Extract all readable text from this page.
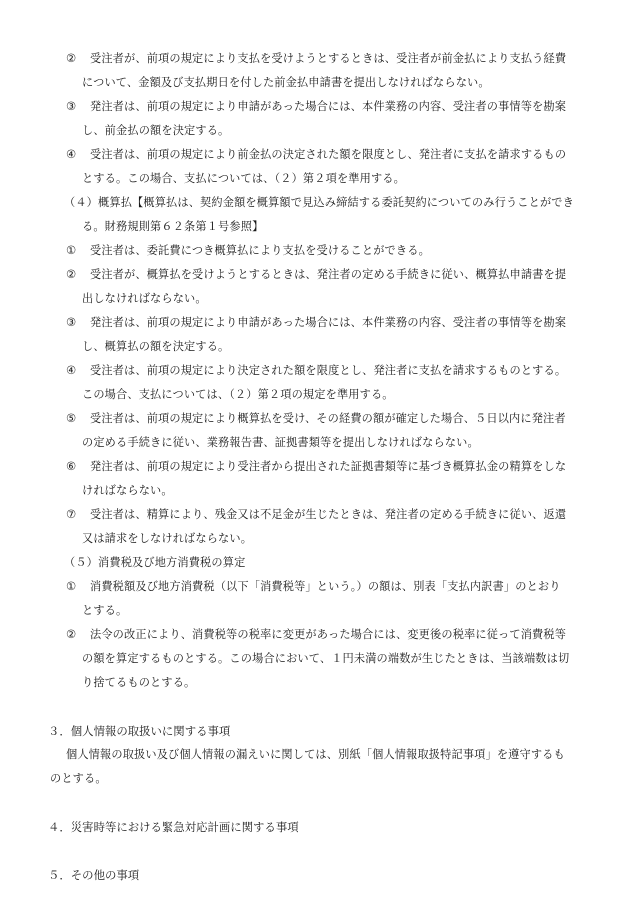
② 受注者が、前項の規定により支払を受けようとするときは、受注者が前金払により支払う経費
について、金額及び支払期日を付した前金払申請書を提出しなければならない。
③ 発注者は、前項の規定により申請があった場合には、本件業務の内容、受注者の事情等を勘案
し、前金払の額を決定する。
④ 受注者は、前項の規定により前金払の決定された額を限度とし、発注者に支払を請求するもの
とする。この場合、支払については、（２）第２項を準用する。
（４）概算払【概算払は、契約金額を概算額で見込み締結する委託契約についてのみ行うことができ
る。財務規則第６２条第１号参照】
① 受注者は、委託費につき概算払により支払を受けることができる。
② 受注者が、概算払を受けようとするときは、発注者の定める手続きに従い、概算払申請書を提
出しなければならない。
③ 発注者は、前項の規定により申請があった場合には、本件業務の内容、受注者の事情等を勘案
し、概算払の額を決定する。
④ 受注者は、前項の規定により決定された額を限度とし、発注者に支払を請求するものとする。
この場合、支払については、（２）第２項の規定を準用する。
⑤ 受注者は、前項の規定により概算払を受け、その経費の額が確定した場合、５日以内に発注者
の定める手続きに従い、業務報告書、証拠書類等を提出しなければならない。
⑥ 発注者は、前項の規定により受注者から提出された証拠書類等に基づき概算払金の精算をしな
ければならない。
⑦ 受注者は、精算により、残金又は不足金が生じたときは、発注者の定める手続きに従い、返還
又は請求をしなければならない。
（５）消費税及び地方消費税の算定
① 消費税額及び地方消費税（以下「消費税等」という。）の額は、別表「支払内訳書」のとおり
とする。
② 法令の改正により、消費税等の税率に変更があった場合には、変更後の税率に従って消費税等
の額を算定するものとする。この場合において、１円未満の端数が生じたときは、当該端数は切
り捨てるものとする。
３．個人情報の取扱いに関する事項
個人情報の取扱い及び個人情報の漏えいに関しては、別紙「個人情報取扱特記事項」を遵守するも
のとする。
４．災害時等における緊急対応計画に関する事項
５．その他の事項
